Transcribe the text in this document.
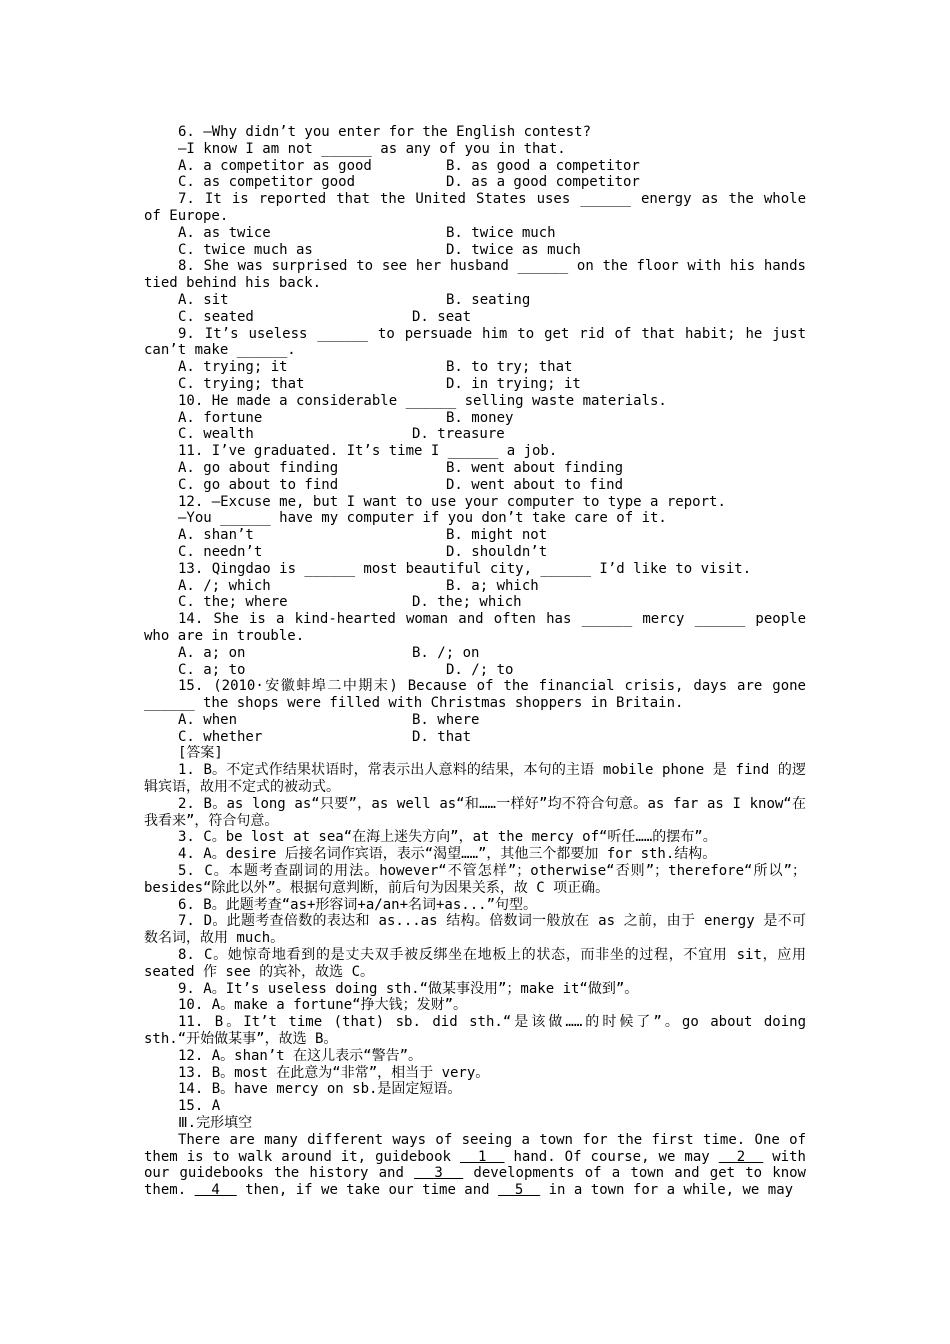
6. —Why didn’t you enter for the English contest?
—I know I am not ______ as any of you in that.
A. a competitor as good	B. as good a competitor
C. as competitor good	D. as a good competitor
7. It is reported that the United States uses ______ energy as the whole of Europe.
A. as twice	B. twice much
C. twice much as	D. twice as much
8. She was surprised to see her husband ______ on the floor with his hands tied behind his back.
A. sit	B. seating
C. seated	D. seat
9. It’s useless ______ to persuade him to get rid of that habit; he just can’t make ______.
A. trying; it	B. to try; that
C. trying; that	D. in trying; it
10. He made a considerable ______ selling waste materials.
A. fortune	B. money
C. wealth	D. treasure
11. I’ve graduated. It’s time I ______ a job.
A. go about finding	B. went about finding
C. go about to find	D. went about to find
12. —Excuse me, but I want to use your computer to type a report.
—You ______ have my computer if you don’t take care of it.
A. shan’t	B. might not
C. needn’t	D. shouldn’t
13. Qingdao is ______ most beautiful city, ______ I’d like to visit.
A. /; which	B. a; which
C. the; where	D. the; which
14. She is a kind-hearted woman and often has ______ mercy ______ people who are in trouble.
A. a; on	B. /; on
C. a; to	D. /; to
15. (2010·安徽蚌埠二中期末) Because of the financial crisis, days are gone ______ the shops were filled with Christmas shoppers in Britain.
A. when	B. where
C. whether	D. that
[答案]
1. B。不定式作结果状语时，常表示出人意料的结果，本句的主语 mobile phone 是 find 的逻辑宾语，故用不定式的被动式。
2. B。as long as“只要”，as well as“和……一样好”均不符合句意。as far as I know“在我看来”，符合句意。
3. C。be lost at sea“在海上迷失方向”，at the mercy of“听任……的摆布”。
4. A。desire 后接名词作宾语，表示“渴望……”，其他三个都要加 for sth.结构。
5. C。本题考查副词的用法。however“不管怎样”；otherwise“否则”；therefore“所以”；besides“除此以外”。根据句意判断，前后句为因果关系，故 C 项正确。
6. B。此题考查“as+形容词+a/an+名词+as...”句型。
7. D。此题考查倍数的表达和 as...as 结构。倍数词一般放在 as 之前，由于 energy 是不可数名词，故用 much。
8. C。她惊奇地看到的是丈夫双手被反绑坐在地板上的状态，而非坐的过程，不宜用 sit，应用 seated 作 see 的宾补，故选 C。
9. A。It’s useless doing sth.“做某事没用”；make it“做到”。
10. A。make a fortune“挣大钱；发财”。
11. B。It’t time (that) sb. did sth.“是该做……的时候了”。go about doing sth.“开始做某事”，故选 B。
12. A。shan’t 在这儿表示“警告”。
13. B。most 在此意为“非常”，相当于 very。
14. B。have mercy on sb.是固定短语。
15. A
Ⅲ.完形填空
There are many different ways of seeing a town for the first time. One of them is to walk around it, guidebook   1   hand. Of course, we may   2   with our guidebooks the history and   3   developments of a town and get to know them.   4   then, if we take our time and   5   in a town for a while, we may
